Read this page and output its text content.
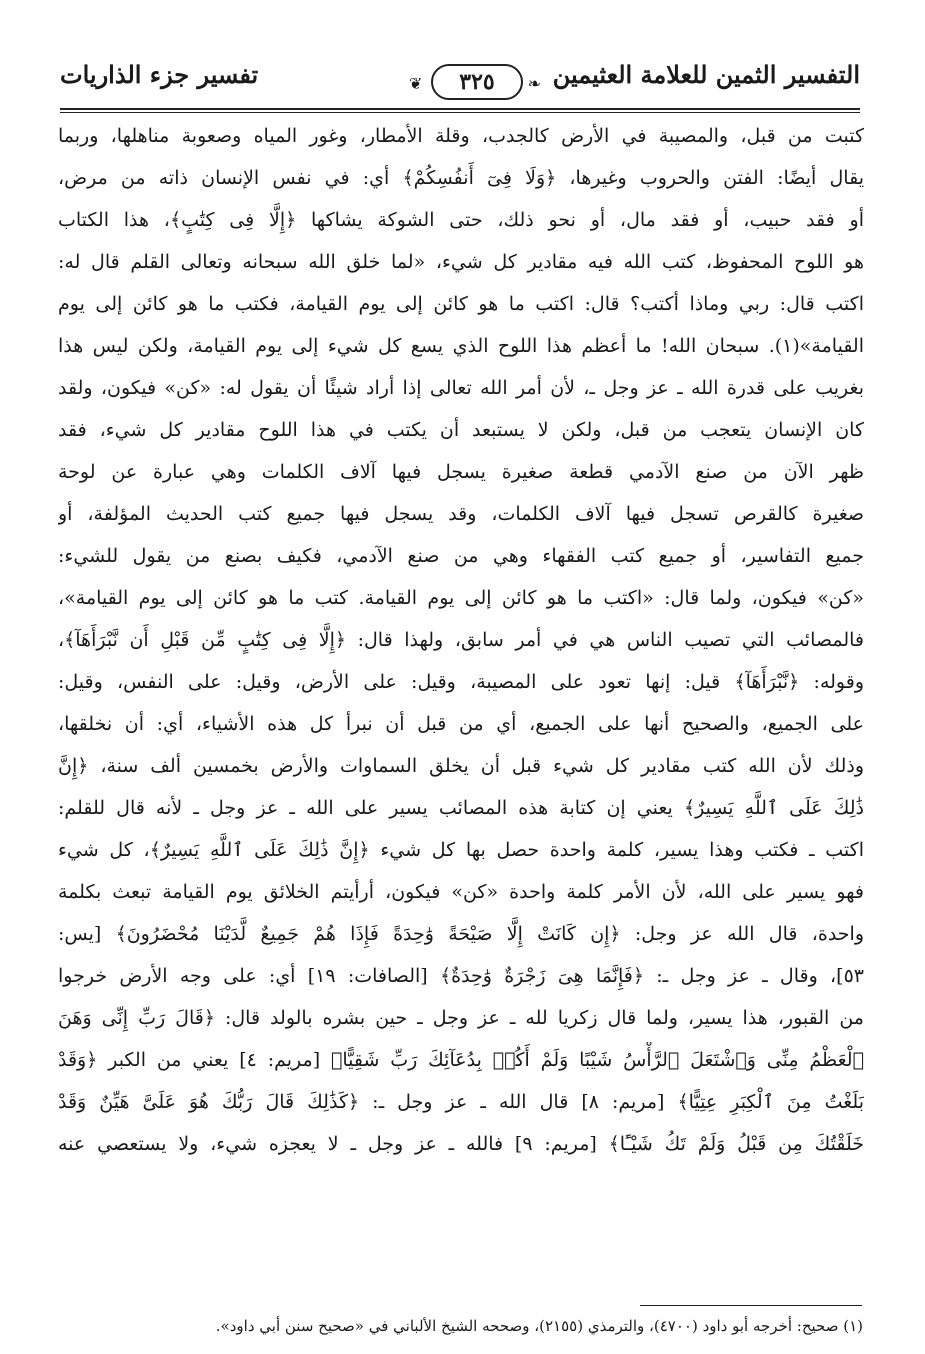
التفسير الثمين للعلامة العثيمين
❦	٣٢٥	❧
تفسير جزء الذاريات
كتبت من قبل، والمصيبة في الأرض كالجدب، وقلة الأمطار، وغور المياه وصعوبة مناهلها، وربما
يقال أيضًا: الفتن والحروب وغيرها، ﴿وَلَا فِىٓ أَنفُسِكُمْ﴾ أي: في نفس الإنسان ذاته من مرض،
أو فقد حبيب، أو فقد مال، أو نحو ذلك، حتى الشوكة يشاكها ﴿إِلَّا فِى كِتَٰبٍ﴾، هذا الكتاب
هو اللوح المحفوظ، كتب الله فيه مقادير كل شيء، «لما خلق الله سبحانه وتعالى القلم قال له:
اكتب قال: ربي وماذا أكتب؟ قال: اكتب ما هو كائن إلى يوم القيامة، فكتب ما هو كائن إلى يوم
القيامة»(١). سبحان الله! ما أعظم هذا اللوح الذي يسع كل شيء إلى يوم القيامة، ولكن ليس هذا
بغريب على قدرة الله ـ عز وجل ـ، لأن أمر الله تعالى إذا أراد شيئًا أن يقول له: «كن» فيكون، ولقد
كان الإنسان يتعجب من قبل، ولكن لا يستبعد أن يكتب في هذا اللوح مقادير كل شيء، فقد
ظهر الآن من صنع الآدمي قطعة صغيرة يسجل فيها آلاف الكلمات وهي عبارة عن لوحة
صغيرة كالقرص تسجل فيها آلاف الكلمات، وقد يسجل فيها جميع كتب الحديث المؤلفة، أو
جميع التفاسير، أو جميع كتب الفقهاء وهي من صنع الآدمي، فكيف بصنع من يقول للشيء:
«كن» فيكون، ولما قال: «اكتب ما هو كائن إلى يوم القيامة. كتب ما هو كائن إلى يوم القيامة»،
فالمصائب التي تصيب الناس هي في أمر سابق، ولهذا قال: ﴿إِلَّا فِى كِتَٰبٍ مِّن قَبْلِ أَن نَّبْرَأَهَآ﴾،
وقوله: ﴿نَّبْرَأَهَآ﴾ قيل: إنها تعود على المصيبة، وقيل: على الأرض، وقيل: على النفس، وقيل:
على الجميع، والصحيح أنها على الجميع، أي من قبل أن نبرأ كل هذه الأشياء، أي: أن نخلقها،
وذلك لأن الله كتب مقادير كل شيء قبل أن يخلق السماوات والأرض بخمسين ألف سنة، ﴿إِنَّ
ذَٰلِكَ عَلَى ٱللَّهِ يَسِيرٌ﴾ يعني إن كتابة هذه المصائب يسير على الله ـ عز وجل ـ لأنه قال للقلم:
اكتب ـ فكتب وهذا يسير، كلمة واحدة حصل بها كل شيء ﴿إِنَّ ذَٰلِكَ عَلَى ٱللَّهِ يَسِيرٌ﴾، كل شيء
فهو يسير على الله، لأن الأمر كلمة واحدة «كن» فيكون، أرأيتم الخلائق يوم القيامة تبعث بكلمة
واحدة، قال الله عز وجل: ﴿إِن كَانَتْ إِلَّا صَيْحَةً وَٰحِدَةً فَإِذَا هُمْ جَمِيعٌ لَّدَيْنَا مُحْضَرُونَ﴾ [يس:
٥٣]، وقال ـ عز وجل ـ: ﴿فَإِنَّمَا هِىَ زَجْرَةٌ وَٰحِدَةٌ﴾ [الصافات: ١٩] أي: على وجه الأرض خرجوا
من القبور، هذا يسير، ولما قال زكريا لله ـ عز وجل ـ حين بشره بالولد قال: ﴿قَالَ رَبِّ إِنِّى وَهَنَ
ٱلْعَظْمُ مِنِّى وَٱشْتَعَلَ ٱلرَّأْسُ شَيْبًا وَلَمْ أَكُنۢ بِدُعَآئِكَ رَبِّ شَقِيًّا﴾ [مريم: ٤] يعني من الكبر ﴿وَقَدْ
بَلَغْتُ مِنَ ٱلْكِبَرِ عِتِيًّا﴾ [مريم: ٨] قال الله ـ عز وجل ـ: ﴿كَذَٰلِكَ قَالَ رَبُّكَ هُوَ عَلَىَّ هَيِّنٌ وَقَدْ
خَلَقْتُكَ مِن قَبْلُ وَلَمْ تَكُ شَيْـًٔا﴾ [مريم: ٩] فالله ـ عز وجل ـ لا يعجزه شيء، ولا يستعصي عنه
(١) صحيح: أخرجه أبو داود (٤٧٠٠)، والترمذي (٢١٥٥)، وصححه الشيخ الألباني في «صحيح سنن أبي داود».
